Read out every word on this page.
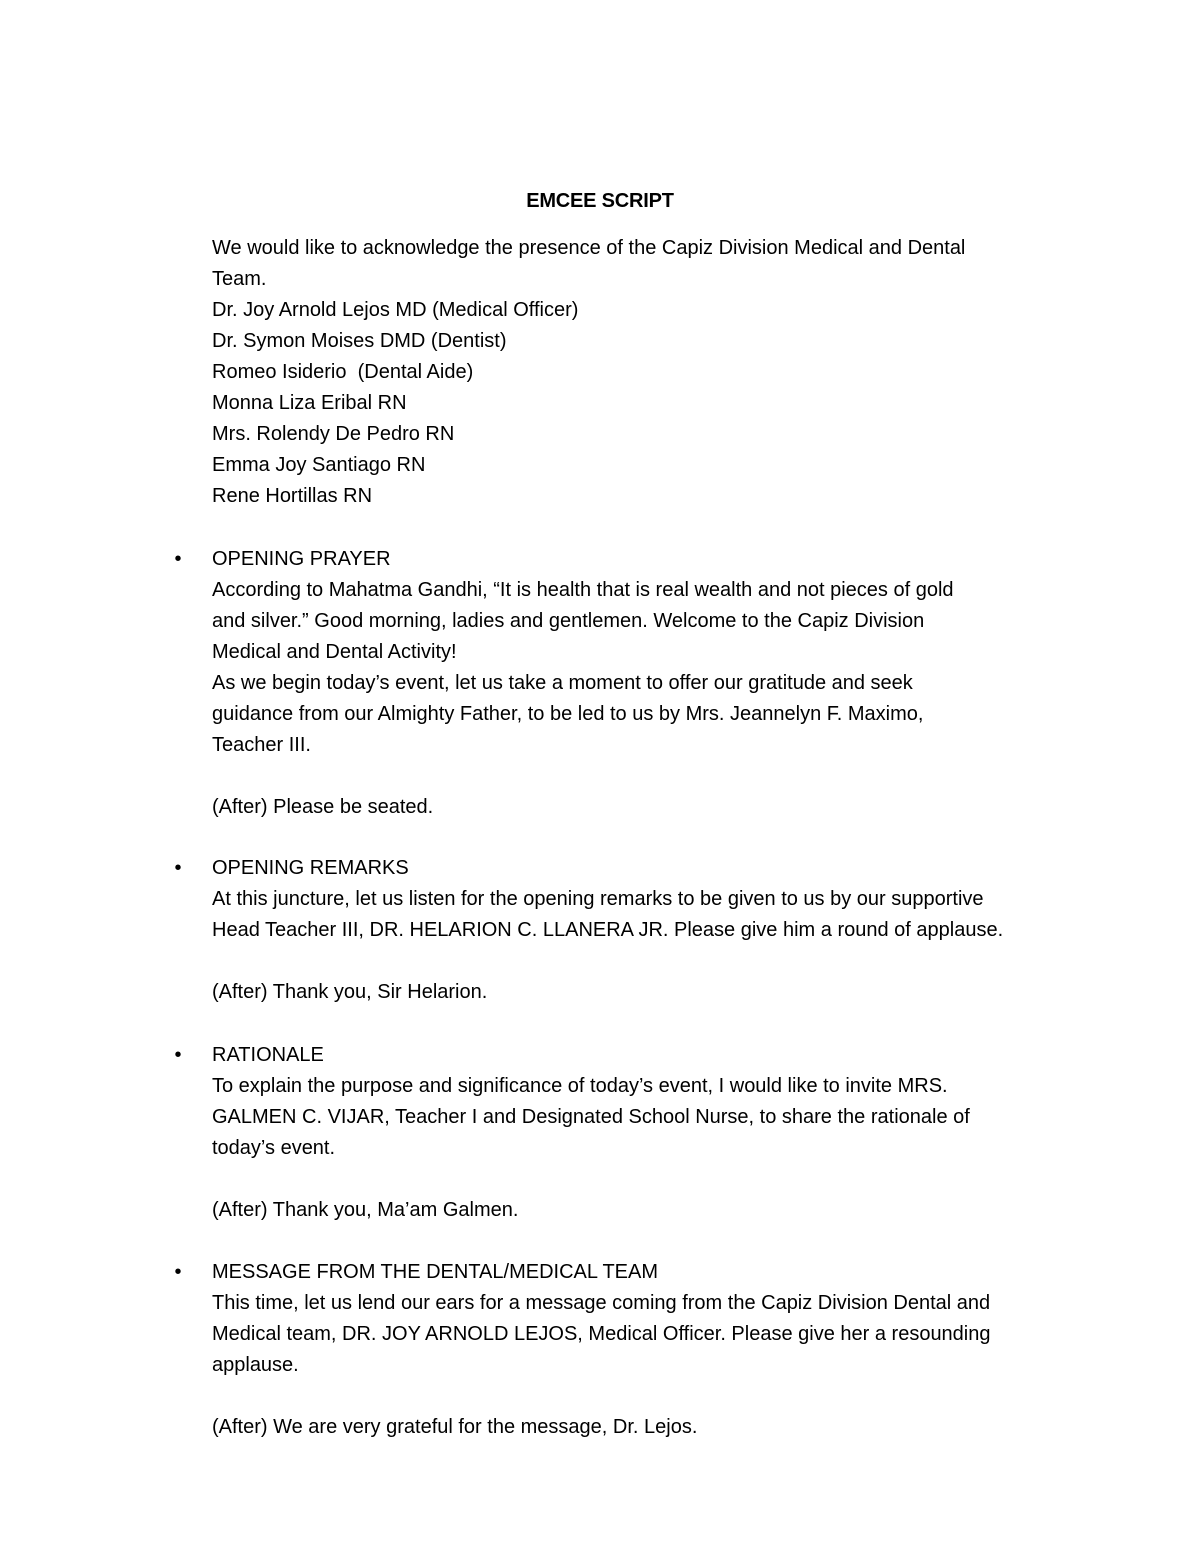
EMCEE SCRIPT
We would like to acknowledge the presence of the Capiz Division Medical and Dental
Team.
Dr. Joy Arnold Lejos MD (Medical Officer)
Dr. Symon Moises DMD (Dentist)
Romeo Isiderio  (Dental Aide)
Monna Liza Eribal RN
Mrs. Rolendy De Pedro RN
Emma Joy Santiago RN
Rene Hortillas RN
• OPENING PRAYER
According to Mahatma Gandhi, “It is health that is real wealth and not pieces of gold
and silver.” Good morning, ladies and gentlemen. Welcome to the Capiz Division
Medical and Dental Activity!
As we begin today’s event, let us take a moment to offer our gratitude and seek
guidance from our Almighty Father, to be led to us by Mrs. Jeannelyn F. Maximo,
Teacher III.
(After) Please be seated.
• OPENING REMARKS
At this juncture, let us listen for the opening remarks to be given to us by our supportive
Head Teacher III, DR. HELARION C. LLANERA JR. Please give him a round of applause.
(After) Thank you, Sir Helarion.
• RATIONALE
To explain the purpose and significance of today’s event, I would like to invite MRS.
GALMEN C. VIJAR, Teacher I and Designated School Nurse, to share the rationale of
today’s event.
(After) Thank you, Ma’am Galmen.
• MESSAGE FROM THE DENTAL/MEDICAL TEAM
This time, let us lend our ears for a message coming from the Capiz Division Dental and
Medical team, DR. JOY ARNOLD LEJOS, Medical Officer. Please give her a resounding
applause.
(After) We are very grateful for the message, Dr. Lejos.
